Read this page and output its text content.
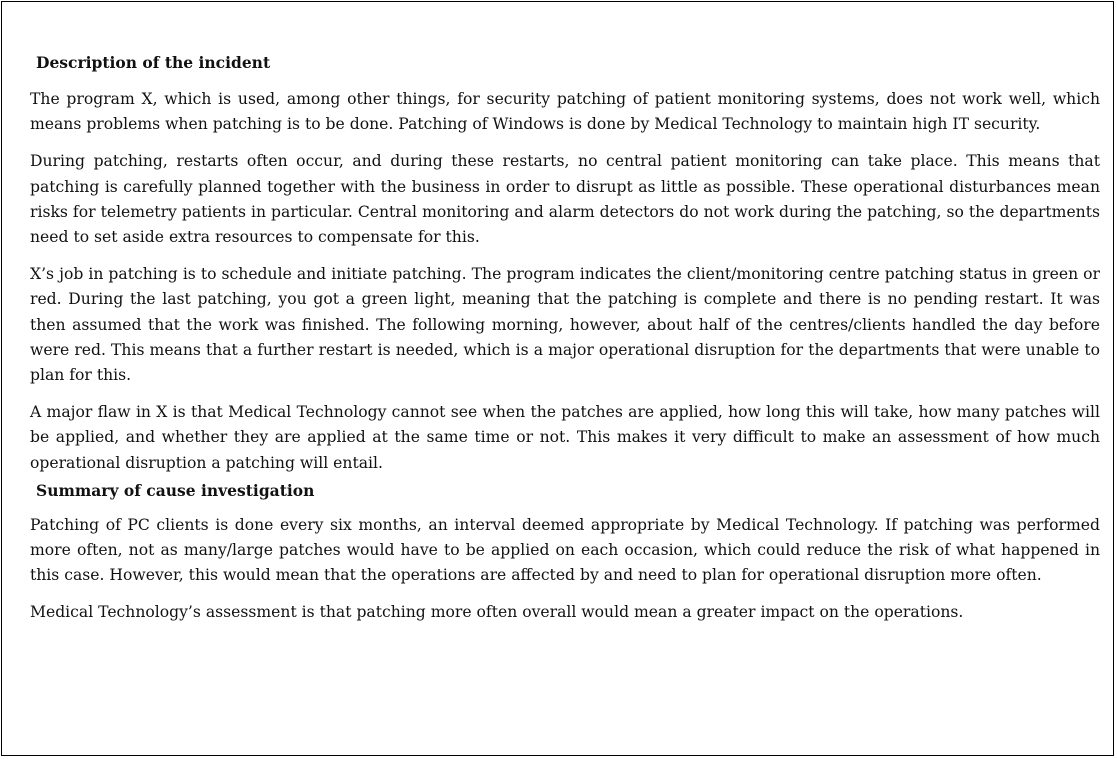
Description of the incident

The program X, which is used, among other things, for security patching of patient monitoring systems, does not work well, which means problems when patching is to be done. Patching of Windows is done by Medical Technology to maintain high IT security.

During patching, restarts often occur, and during these restarts, no central patient monitoring can take place. This means that patching is carefully planned together with the business in order to disrupt as little as possible. These operational disturbances mean risks for telemetry patients in particular. Central monitoring and alarm detectors do not work during the patching, so the departments need to set aside extra resources to compensate for this.

X’s job in patching is to schedule and initiate patching. The program indicates the client/monitoring centre patching status in green or red. During the last patching, you got a green light, meaning that the patching is complete and there is no pending restart. It was then assumed that the work was finished. The following morning, however, about half of the centres/clients handled the day before were red. This means that a further restart is needed, which is a major operational disruption for the departments that were unable to plan for this.

A major flaw in X is that Medical Technology cannot see when the patches are applied, how long this will take, how many patches will be applied, and whether they are applied at the same time or not. This makes it very difficult to make an assessment of how much operational disruption a patching will entail.

Summary of cause investigation

Patching of PC clients is done every six months, an interval deemed appropriate by Medical Technology. If patching was performed more often, not as many/large patches would have to be applied on each occasion, which could reduce the risk of what happened in this case. However, this would mean that the operations are affected by and need to plan for operational disruption more often.

Medical Technology’s assessment is that patching more often overall would mean a greater impact on the operations.
